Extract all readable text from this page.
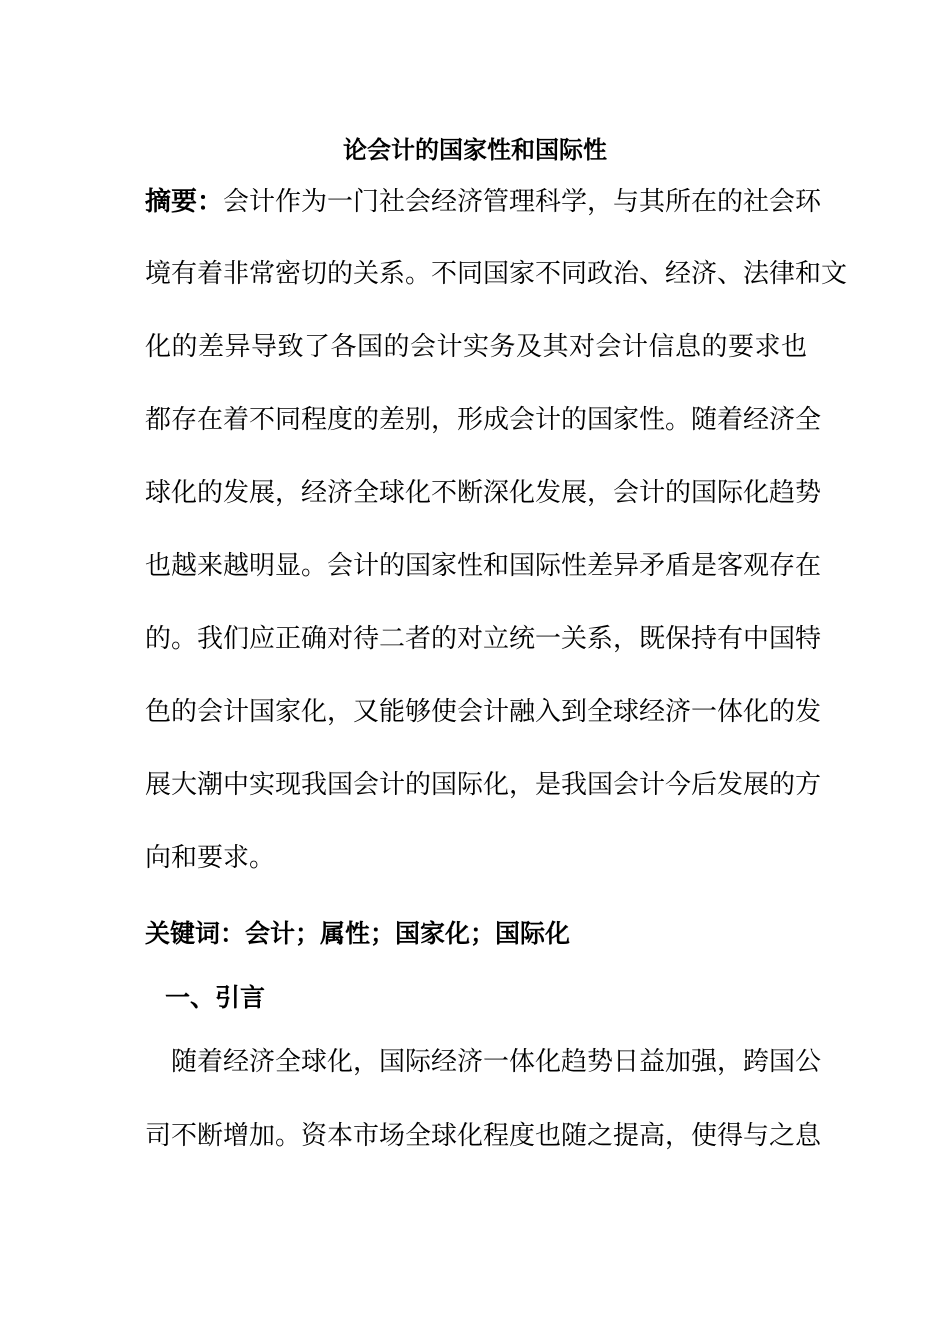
论会计的国家性和国际性
摘要：会计作为一门社会经济管理科学，与其所在的社会环
境有着非常密切的关系。不同国家不同政治、经济、法律和文
化的差异导致了各国的会计实务及其对会计信息的要求也
都存在着不同程度的差别，形成会计的国家性。随着经济全
球化的发展，经济全球化不断深化发展，会计的国际化趋势
也越来越明显。会计的国家性和国际性差异矛盾是客观存在
的。我们应正确对待二者的对立统一关系，既保持有中国特
色的会计国家化，又能够使会计融入到全球经济一体化的发
展大潮中实现我国会计的国际化，是我国会计今后发展的方
向和要求。
关键词：会计；属性；国家化；国际化
一、引言
　随着经济全球化，国际经济一体化趋势日益加强，跨国公
司不断增加。资本市场全球化程度也随之提高，使得与之息
